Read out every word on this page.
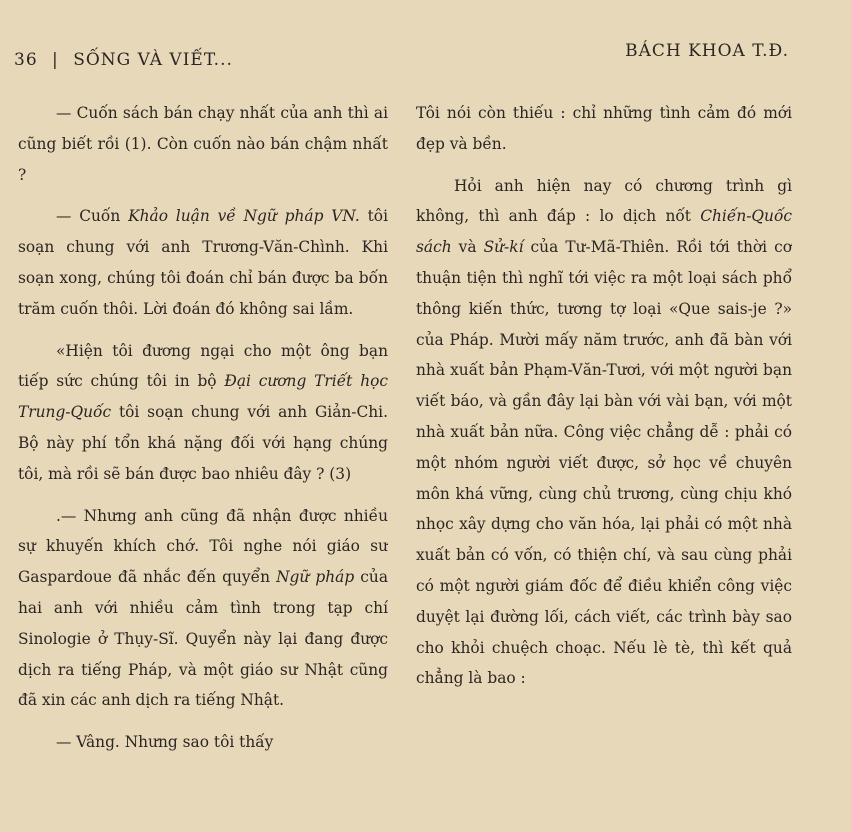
36 | SỐNG VÀ VIẾT...	BÁCH KHOA T.Đ.

— Cuốn sách bán chạy nhất của anh thì ai cũng biết rồi (1). Còn cuốn nào bán chậm nhất ?

— Cuốn Khảo luận về Ngữ pháp VN. tôi soạn chung với anh Trương-Văn-Chình. Khi soạn xong, chúng tôi đoán chỉ bán được ba bốn trăm cuốn thôi. Lời đoán đó không sai lầm.

«Hiện tôi đương ngại cho một ông bạn tiếp sức chúng tôi in bộ Đại cương Triết học Trung-Quốc tôi soạn chung với anh Giản-Chi. Bộ này phí tổn khá nặng đối với hạng chúng tôi, mà rồi sẽ bán được bao nhiêu đây ? (3)

.— Nhưng anh cũng đã nhận được nhiều sự khuyến khích chớ. Tôi nghe nói giáo sư Gaspardoue đã nhắc đến quyển Ngữ pháp của hai anh với nhiều cảm tình trong tạp chí Sinologie ở Thụy-Sĩ. Quyển này lại đang được dịch ra tiếng Pháp, và một giáo sư Nhật cũng đã xin các anh dịch ra tiếng Nhật.

— Vâng. Nhưng sao tôi thấy

Tôi nói còn thiếu : chỉ những tình cảm đó mới đẹp và bền.

Hỏi anh hiện nay có chương trình gì không, thì anh đáp : lo dịch nốt Chiến-Quốc sách và Sử-kí của Tư-Mã-Thiên. Rồi tới thời cơ thuận tiện thì nghĩ tới việc ra một loại sách phổ thông kiến thức, tương tợ loại «Que sais-je ?» của Pháp. Mười mấy năm trước, anh đã bàn với nhà xuất bản Phạm-Văn-Tươi, với một người bạn viết báo, và gần đây lại bàn với vài bạn, với một nhà xuất bản nữa. Công việc chẳng dễ : phải có một nhóm người viết được, sở học về chuyên môn khá vững, cùng chủ trương, cùng chịu khó nhọc xây dựng cho văn hóa, lại phải có một nhà xuất bản có vốn, có thiện chí, và sau cùng phải có một người giám đốc để điều khiển công việc duyệt lại đường lối, cách viết, các trình bày sao cho khỏi chuệch choạc. Nếu lè tè, thì kết quả chẳng là bao :
